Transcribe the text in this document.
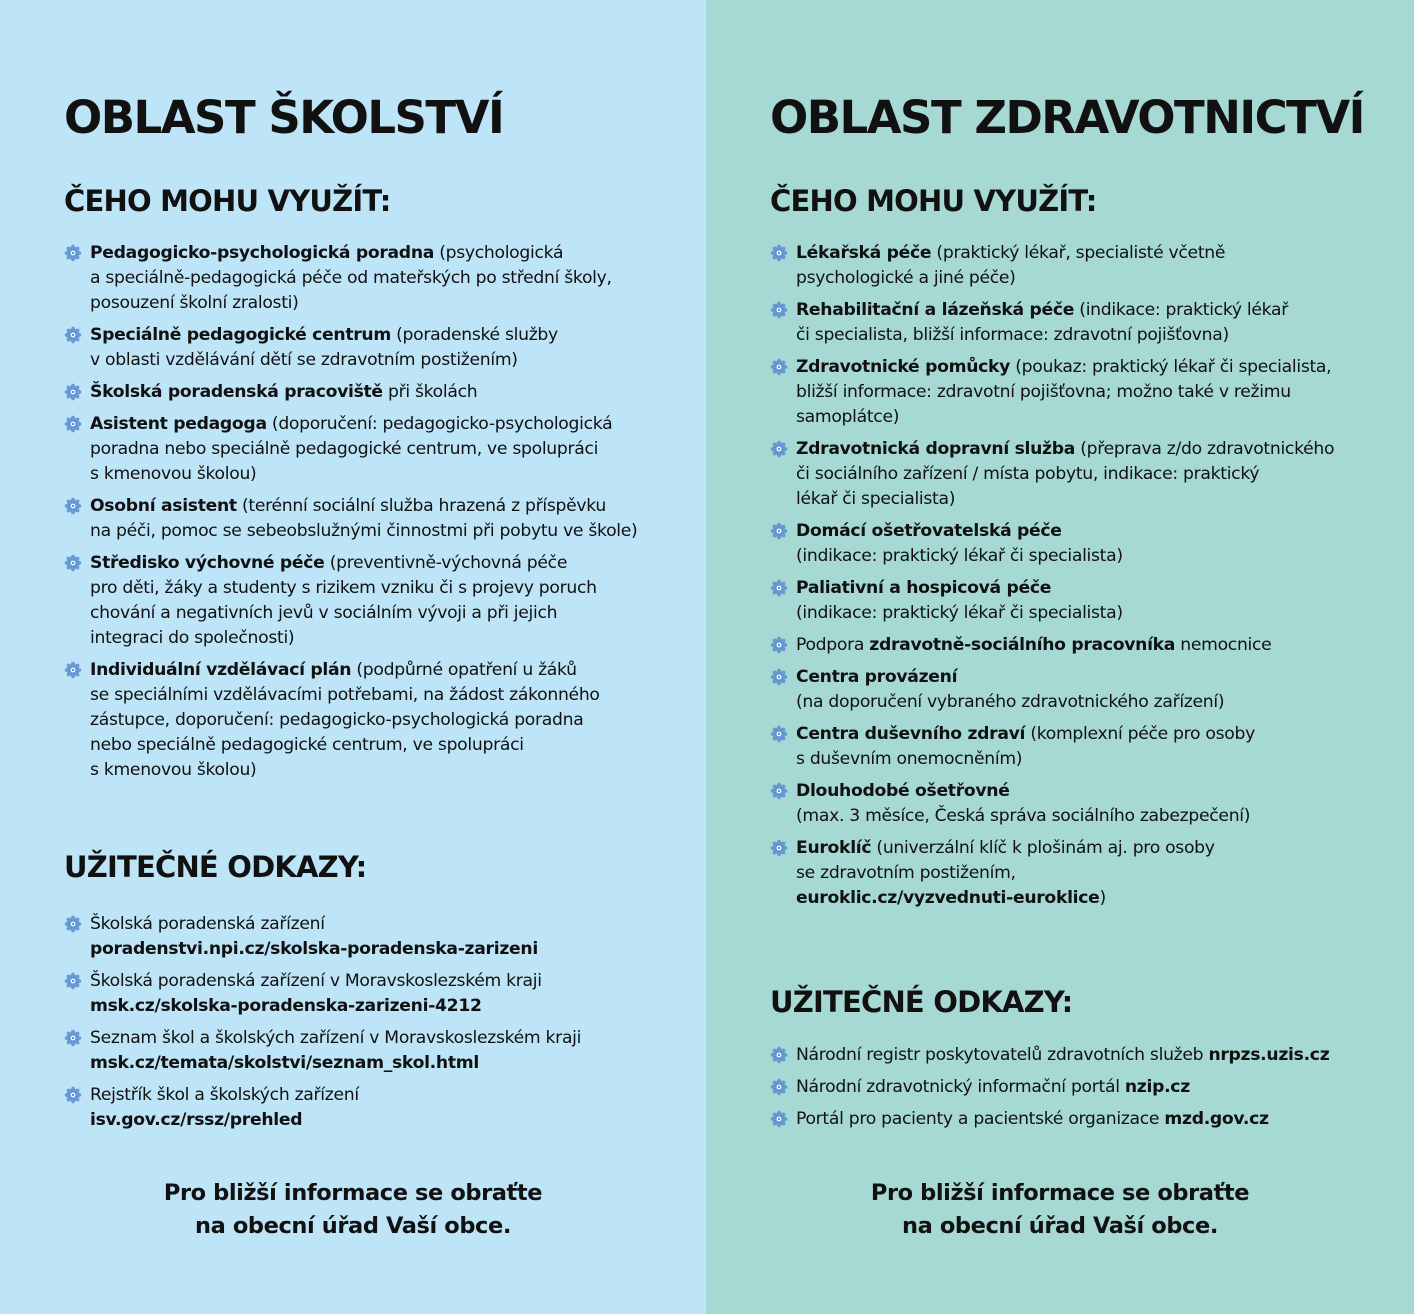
OBLAST ŠKOLSTVÍ
ČEHO MOHU VYUŽÍT:
Pedagogicko-psychologická poradna (psychologická
a speciálně-pedagogická péče od mateřských po střední školy,
posouzení školní zralosti)
Speciálně pedagogické centrum (poradenské služby
v oblasti vzdělávání dětí se zdravotním postižením)
Školská poradenská pracoviště při školách
Asistent pedagoga (doporučení: pedagogicko-psychologická
poradna nebo speciálně pedagogické centrum, ve spolupráci
s kmenovou školou)
Osobní asistent (terénní sociální služba hrazená z příspěvku
na péči, pomoc se sebeobslužnými činnostmi při pobytu ve škole)
Středisko výchovné péče (preventivně-výchovná péče
pro děti, žáky a studenty s rizikem vzniku či s projevy poruch
chování a negativních jevů v sociálním vývoji a při jejich
integraci do společnosti)
Individuální vzdělávací plán (podpůrné opatření u žáků
se speciálními vzdělávacími potřebami, na žádost zákonného
zástupce, doporučení: pedagogicko-psychologická poradna
nebo speciálně pedagogické centrum, ve spolupráci
s kmenovou školou)
UŽITEČNÉ ODKAZY:
Školská poradenská zařízení
poradenstvi.npi.cz/skolska-poradenska-zarizeni
Školská poradenská zařízení v Moravskoslezském kraji
msk.cz/skolska-poradenska-zarizeni-4212
Seznam škol a školských zařízení v Moravskoslezském kraji
msk.cz/temata/skolstvi/seznam_skol.html
Rejstřík škol a školských zařízení
isv.gov.cz/rssz/prehled
Pro bližší informace se obraťte
na obecní úřad Vaší obce.
OBLAST ZDRAVOTNICTVÍ
ČEHO MOHU VYUŽÍT:
Lékařská péče (praktický lékař, specialisté včetně
psychologické a jiné péče)
Rehabilitační a lázeňská péče (indikace: praktický lékař
či specialista, bližší informace: zdravotní pojišťovna)
Zdravotnické pomůcky (poukaz: praktický lékař či specialista,
bližší informace: zdravotní pojišťovna; možno také v režimu
samoplátce)
Zdravotnická dopravní služba (přeprava z/do zdravotnického
či sociálního zařízení / místa pobytu, indikace: praktický
lékař či specialista)
Domácí ošetřovatelská péče
(indikace: praktický lékař či specialista)
Paliativní a hospicová péče
(indikace: praktický lékař či specialista)
Podpora zdravotně-sociálního pracovníka nemocnice
Centra provázení
(na doporučení vybraného zdravotnického zařízení)
Centra duševního zdraví (komplexní péče pro osoby
s duševním onemocněním)
Dlouhodobé ošetřovné
(max. 3 měsíce, Česká správa sociálního zabezpečení)
Euroklíč (univerzální klíč k plošinám aj. pro osoby
se zdravotním postižením,
euroklic.cz/vyzvednuti-euroklice)
UŽITEČNÉ ODKAZY:
Národní registr poskytovatelů zdravotních služeb nrpzs.uzis.cz
Národní zdravotnický informační portál nzip.cz
Portál pro pacienty a pacientské organizace mzd.gov.cz
Pro bližší informace se obraťte
na obecní úřad Vaší obce.
